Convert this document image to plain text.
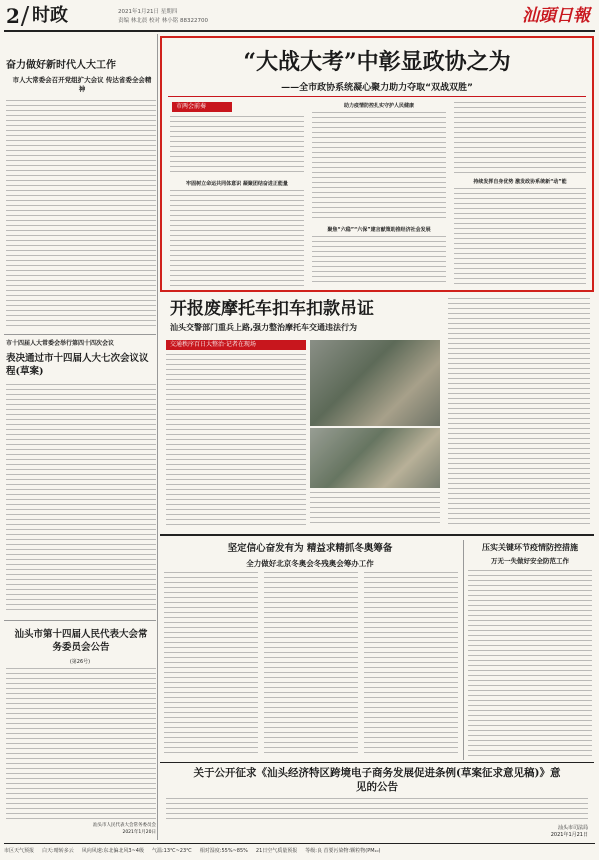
2 时政	2021年1月21日 星期四
责编 林北晨 校对 林小铭 88322700	汕頭日報
奋力做好新时代人大工作
市人大常委会召开党组扩大会议 传达省委全会精神
市十四届人大常委会举行第四十四次会议
表决通过市十四届人大七次会议议程(草案)
汕头市第十四届人民代表大会常务委员会公告
(第26号)
汕头市人民代表大会常务委员会
2021年1月20日
“大战大考”中彰显政协之为
——全市政协系统凝心聚力助力夺取“双战双胜”
市两会前奏
牢固树立命运共同体意识 凝聚团结奋进正能量
助力疫情防控扎实守护人民健康
聚焦“六稳”“六保”建言献策助推经济社会发展
持续发挥自身优势 激发政协系统新“动”能
开报废摩托车扣车扣款吊证
汕头交警部门重兵上路,强力整治摩托车交通违法行为
交通秩序百日大整治·记者在现场
坚定信心奋发有为 精益求精抓冬奥筹备
全力做好北京冬奥会冬残奥会筹办工作
压实关键环节疫情防控措施
万无一失做好安全防范工作
关于公开征求《汕头经济特区跨境电子商务发展促进条例(草案征求意见稿)》意见的公告
汕头市司法局
2021年1月21日
市区天气预报 白天:晴转多云 风向风速:东北偏北风3~4级 气温:13℃~23℃ 相对湿度:55%~85% 21日空气质量预报 等级:良 首要污染物:颗粒物(PM₁₀)
